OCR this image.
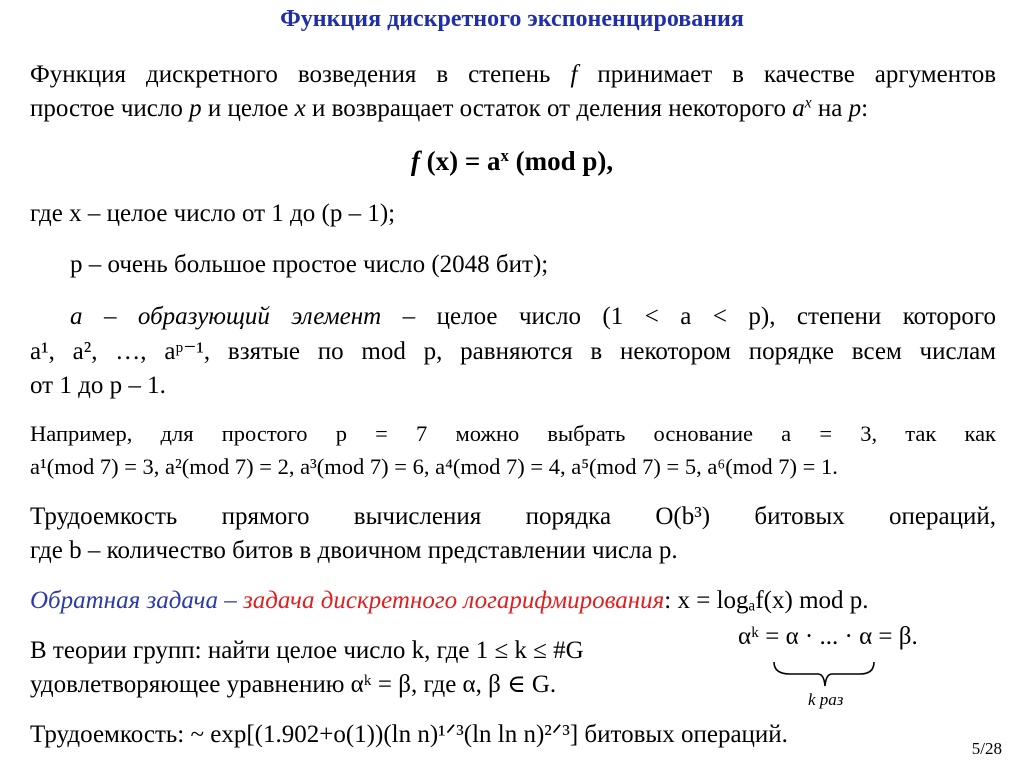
Функция дискретного экспоненцирования
Функция дискретного возведения в степень f принимает в качестве аргументов
простое число p и целое x и возвращает остаток от деления некоторого $a^x$ на p:
f $(x) = a^x$ (mod p),
где x – целое число от 1 до (p – 1);
p – очень большое простое число (2048 бит);
a – образующий элемент – целое число (1 < a < p), степени которого
a¹, a², …, aᵖ⁻¹, взятые по mod p, равняются в некотором порядке всем числам
от 1 до p – 1.
Например, для простого p = 7 можно выбрать основание a = 3, так как
a¹(mod 7) = 3, a²(mod 7) = 2, a³(mod 7) = 6, a⁴(mod 7) = 4, a⁵(mod 7) = 5, a⁶(mod 7) = 1.
Трудоемкость прямого вычисления порядка O(b³) битовых операций,
где b – количество битов в двоичном представлении числа p.
Обратная задача – задача дискретного логарифмирования: x = logₐf(x) mod p.
В теории групп: найти целое число k, где 1 ≤ k ≤ #G
удовлетворяющее уравнению αᵏ = β, где α, β ∈ G.
αᵏ = α · ... · α = β.
k раз
Трудоемкость: ~ exp[(1.902+o(1))(ln n)¹ᐟ³(ln ln n)²ᐟ³] битовых операций.
5/28
